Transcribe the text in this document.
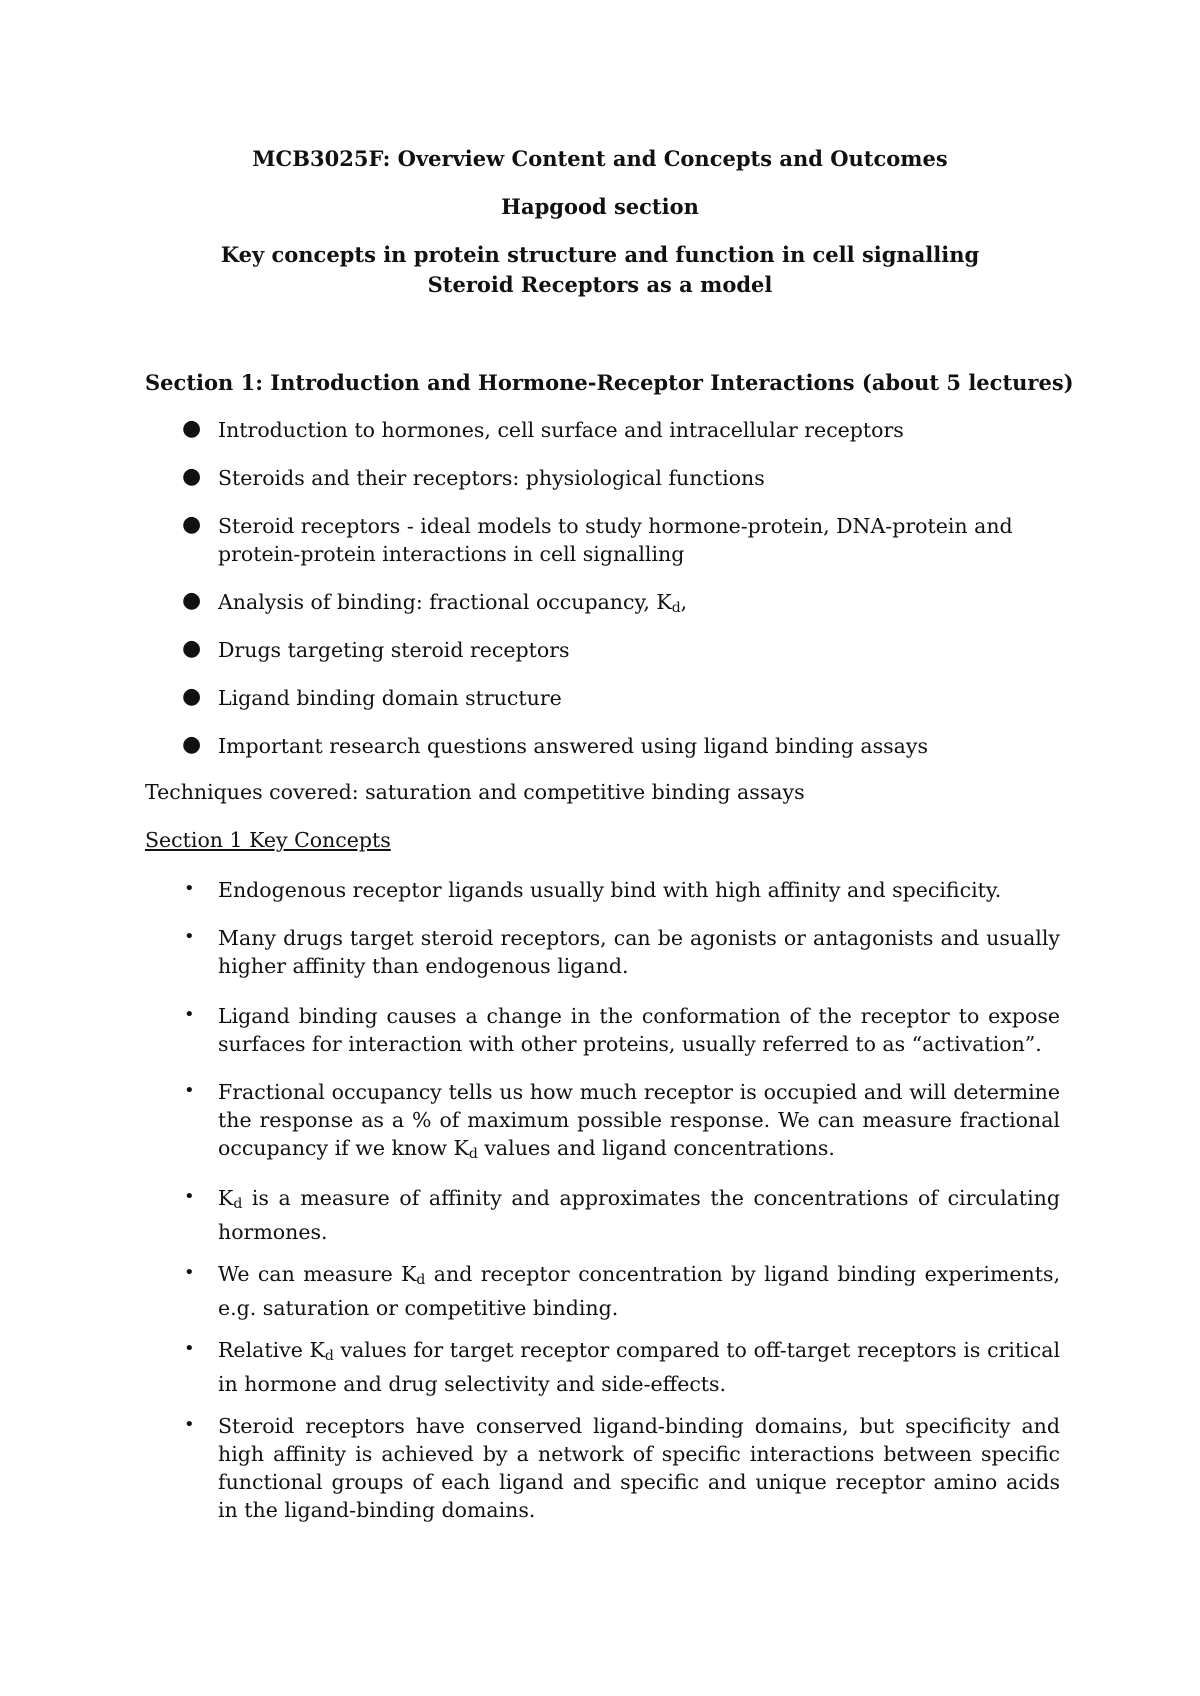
MCB3025F: Overview Content and Concepts and Outcomes
Hapgood section
Key concepts in protein structure and function in cell signalling
Steroid Receptors as a model
Section 1: Introduction and Hormone-Receptor Interactions (about 5 lectures)
● Introduction to hormones, cell surface and intracellular receptors
● Steroids and their receptors: physiological functions
● Steroid receptors - ideal models to study hormone-protein, DNA-protein and protein-protein interactions in cell signalling
● Analysis of binding: fractional occupancy, $K_d$,
● Drugs targeting steroid receptors
● Ligand binding domain structure
● Important research questions answered using ligand binding assays
Techniques covered: saturation and competitive binding assays
Section 1 Key Concepts
• Endogenous receptor ligands usually bind with high affinity and specificity.
• Many drugs target steroid receptors, can be agonists or antagonists and usually higher affinity than endogenous ligand.
• Ligand binding causes a change in the conformation of the receptor to expose surfaces for interaction with other proteins, usually referred to as “activation”.
• Fractional occupancy tells us how much receptor is occupied and will determine the response as a % of maximum possible response. We can measure fractional occupancy if we know $K_d$ values and ligand concentrations.
• $K_d$ is a measure of affinity and approximates the concentrations of circulating hormones.
• We can measure $K_d$ and receptor concentration by ligand binding experiments, e.g. saturation or competitive binding.
• Relative $K_d$ values for target receptor compared to off-target receptors is critical in hormone and drug selectivity and side-effects.
• Steroid receptors have conserved ligand-binding domains, but specificity and high affinity is achieved by a network of specific interactions between specific functional groups of each ligand and specific and unique receptor amino acids in the ligand-binding domains.
